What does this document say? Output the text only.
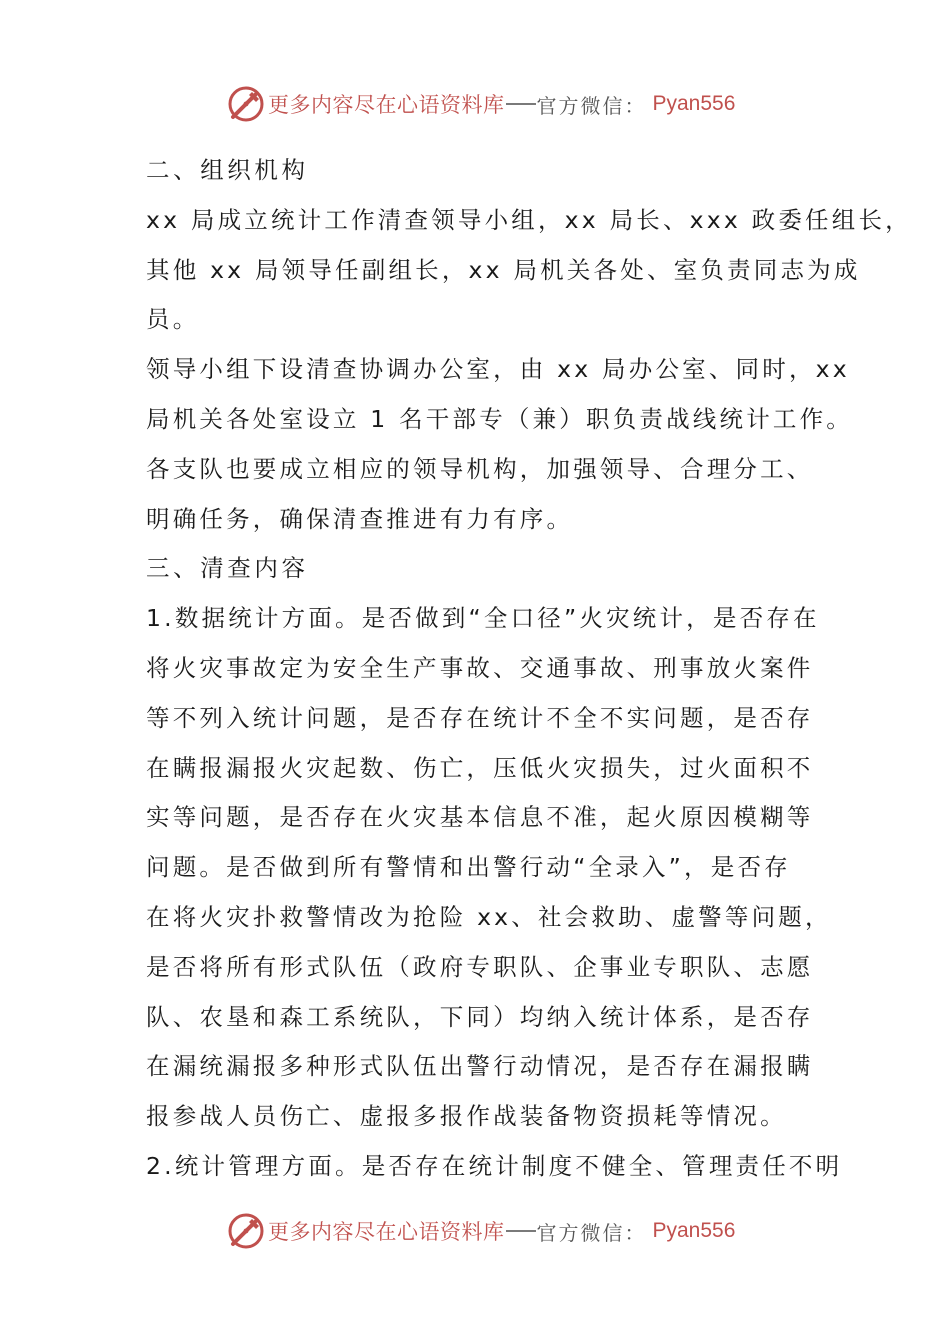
更多内容尽在心语资料库 官方微信： Pyan556
二、组织机构
xx 局成立统计工作清查领导小组，xx 局长、xxx 政委任组长，
其他 xx 局领导任副组长，xx 局机关各处、室负责同志为成
员。
领导小组下设清查协调办公室，由 xx 局办公室、同时，xx
局机关各处室设立 1 名干部专（兼）职负责战线统计工作。
各支队也要成立相应的领导机构，加强领导、合理分工、
明确任务，确保清查推进有力有序。
三、清查内容
1.数据统计方面。是否做到“全口径”火灾统计，是否存在
将火灾事故定为安全生产事故、交通事故、刑事放火案件
等不列入统计问题，是否存在统计不全不实问题，是否存
在瞒报漏报火灾起数、伤亡，压低火灾损失，过火面积不
实等问题，是否存在火灾基本信息不准，起火原因模糊等
问题。是否做到所有警情和出警行动“全录入”，是否存
在将火灾扑救警情改为抢险 xx、社会救助、虚警等问题，
是否将所有形式队伍（政府专职队、企事业专职队、志愿
队、农垦和森工系统队，下同）均纳入统计体系，是否存
在漏统漏报多种形式队伍出警行动情况，是否存在漏报瞒
报参战人员伤亡、虚报多报作战装备物资损耗等情况。
2.统计管理方面。是否存在统计制度不健全、管理责任不明
更多内容尽在心语资料库 官方微信： Pyan556
